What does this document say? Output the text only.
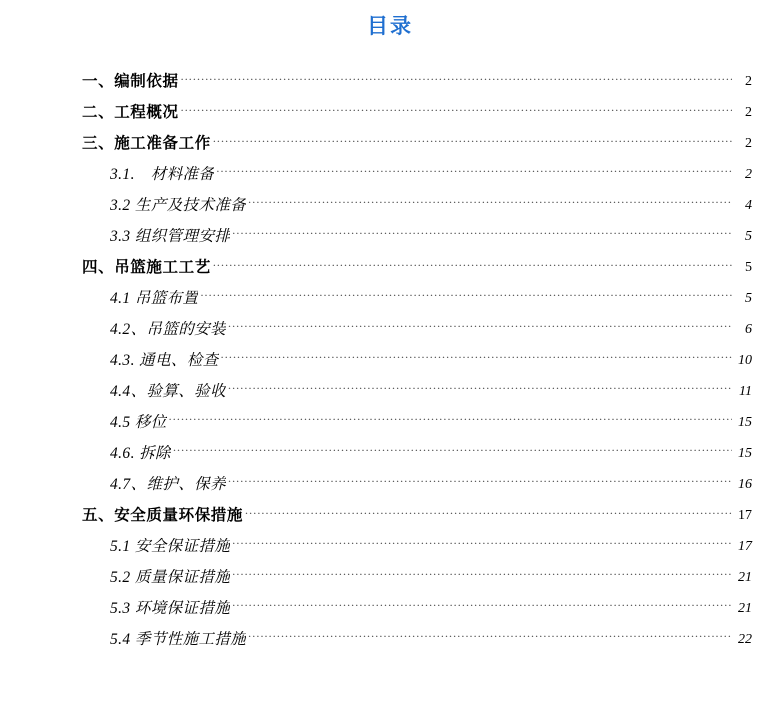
目录
一、编制依据 .....	2
二、工程概况 .....	2
三、施工准备工作 .....	2
3.1.　材料准备 .....	2
3.2 生产及技术准备 .....	4
3.3 组织管理安排 .....	5
四、吊篮施工工艺 .....	5
4.1 吊篮布置 .....	5
4.2、吊篮的安装 .....	6
4.3. 通电、检查 .....	10
4.4、验算、验收 .....	11
4.5 移位 .....	15
4.6. 拆除 .....	15
4.7、维护、保养 .....	16
五、安全质量环保措施 .....	17
5.1 安全保证措施 .....	17
5.2 质量保证措施 .....	21
5.3 环境保证措施 .....	21
5.4 季节性施工措施 .....	22
